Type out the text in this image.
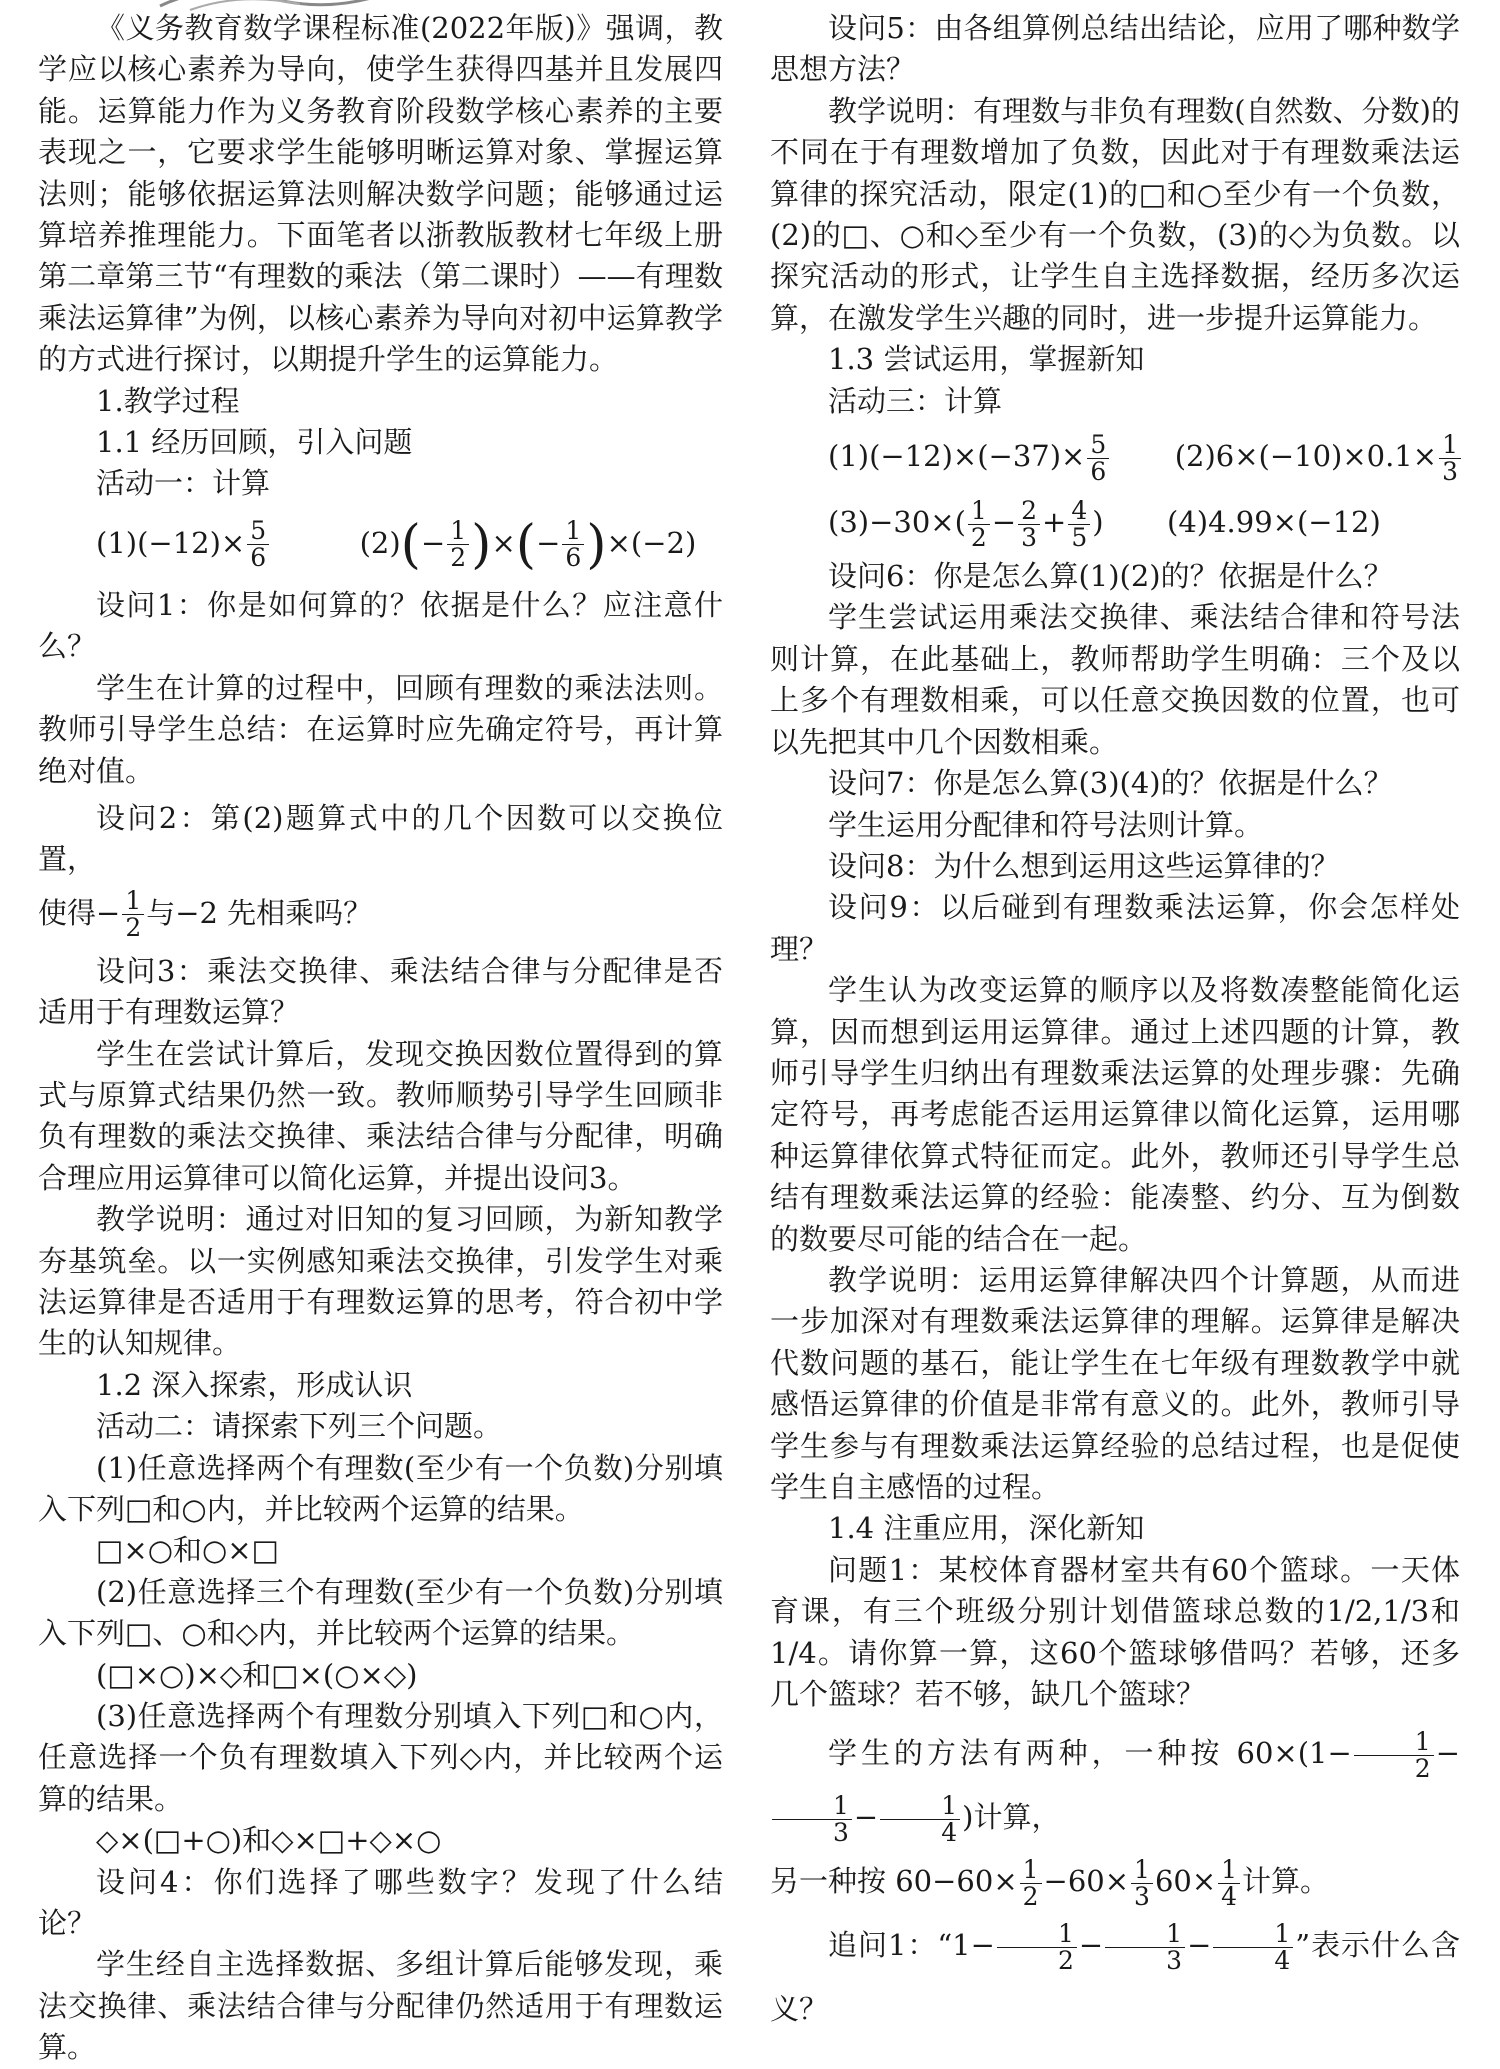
《义务教育数学课程标准(2022年版)》强调，教学应以核心素养为导向，使学生获得四基并且发展四能。运算能力作为义务教育阶段数学核心素养的主要表现之一，它要求学生能够明晰运算对象、掌握运算法则；能够依据运算法则解决数学问题；能够通过运算培养推理能力。下面笔者以浙教版教材七年级上册第二章第三节“有理数的乘法（第二课时）——有理数乘法运算律”为例，以核心素养为导向对初中运算教学的方式进行探讨，以期提升学生的运算能力。

1.教学过程

1.1 经历回顾，引入问题

活动一：计算

$(1)(-12)\times \frac{5}{6}$	$(2)(- \frac{1}{2}$ )×(− $\frac{1}{6} )\times(-2)$

设问1：你是如何算的？依据是什么？应注意什么？

学生在计算的过程中，回顾有理数的乘法法则。教师引导学生总结：在运算时应先确定符号，再计算绝对值。

设问2：第(2)题算式中的几个因数可以交换位置，

使得− $\frac{1}{2}$ 与−2 先相乘吗？

设问3：乘法交换律、乘法结合律与分配律是否适用于有理数运算？

学生在尝试计算后，发现交换因数位置得到的算式与原算式结果仍然一致。教师顺势引导学生回顾非负有理数的乘法交换律、乘法结合律与分配律，明确合理应用运算律可以简化运算，并提出设问3。

教学说明：通过对旧知的复习回顾，为新知教学夯基筑垒。以一实例感知乘法交换律，引发学生对乘法运算律是否适用于有理数运算的思考，符合初中学生的认知规律。

1.2 深入探索，形成认识

活动二：请探索下列三个问题。

(1)任意选择两个有理数(至少有一个负数)分别填入下列□和○内，并比较两个运算的结果。

□×○和○×□

(2)任意选择三个有理数(至少有一个负数)分别填入下列□、○和◇内，并比较两个运算的结果。

(□×○)×◇和□×(○×◇)

(3)任意选择两个有理数分别填入下列□和○内，任意选择一个负有理数填入下列◇内，并比较两个运算的结果。

◇×(□+○)和◇×□+◇×○

设问4：你们选择了哪些数字？发现了什么结论？

学生经自主选择数据、多组计算后能够发现，乘法交换律、乘法结合律与分配律仍然适用于有理数运算。

设问5：由各组算例总结出结论，应用了哪种数学思想方法？

教学说明：有理数与非负有理数(自然数、分数)的不同在于有理数增加了负数，因此对于有理数乘法运算律的探究活动，限定(1)的□和○至少有一个负数，(2)的□、○和◇至少有一个负数，(3)的◇为负数。以探究活动的形式，让学生自主选择数据，经历多次运算，在激发学生兴趣的同时，进一步提升运算能力。

1.3 尝试运用，掌握新知

活动三：计算

$(1)(-12)\times(-37)\times \frac{5}{6} (2)6\times(-10)\times 0.1\times \frac{1}{3}$
$(3)-30\times( \frac{1}{2} - \frac{2}{3} + \frac{4}{5}$ ) (4)4.99×(−12)

设问6：你是怎么算(1)(2)的？依据是什么？

学生尝试运用乘法交换律、乘法结合律和符号法则计算，在此基础上，教师帮助学生明确：三个及以上多个有理数相乘，可以任意交换因数的位置，也可以先把其中几个因数相乘。

设问7：你是怎么算(3)(4)的？依据是什么？

学生运用分配律和符号法则计算。

设问8：为什么想到运用这些运算律的？

设问9：以后碰到有理数乘法运算，你会怎样处理？

学生认为改变运算的顺序以及将数凑整能简化运算，因而想到运用运算律。通过上述四题的计算，教师引导学生归纳出有理数乘法运算的处理步骤：先确定符号，再考虑能否运用运算律以简化运算，运用哪种运算律依算式特征而定。此外，教师还引导学生总结有理数乘法运算的经验：能凑整、约分、互为倒数的数要尽可能的结合在一起。

教学说明：运用运算律解决四个计算题，从而进一步加深对有理数乘法运算律的理解。运算律是解决代数问题的基石，能让学生在七年级有理数教学中就感悟运算律的价值是非常有意义的。此外，教师引导学生参与有理数乘法运算经验的总结过程，也是促使学生自主感悟的过程。

1.4 注重应用，深化新知

问题1：某校体育器材室共有60个篮球。一天体育课，有三个班级分别计划借篮球总数的1/2,1/3和1/4。请你算一算，这60个篮球够借吗？若够，还多几个篮球？若不够，缺几个篮球？

学生的方法有两种，一种按 $60\times(1- \frac{1}{2}$ −
$\frac{1}{3} - \frac{1}{4}$ )计算，

另一种按 $60-60\times \frac{1}{2} -60\times \frac{1}{3} 60\times \frac{1}{4}$ 计算。

追问1：“$1- \frac{1}{2} - \frac{1}{3} - \frac{1}{4}$ ”表示什么含义？
